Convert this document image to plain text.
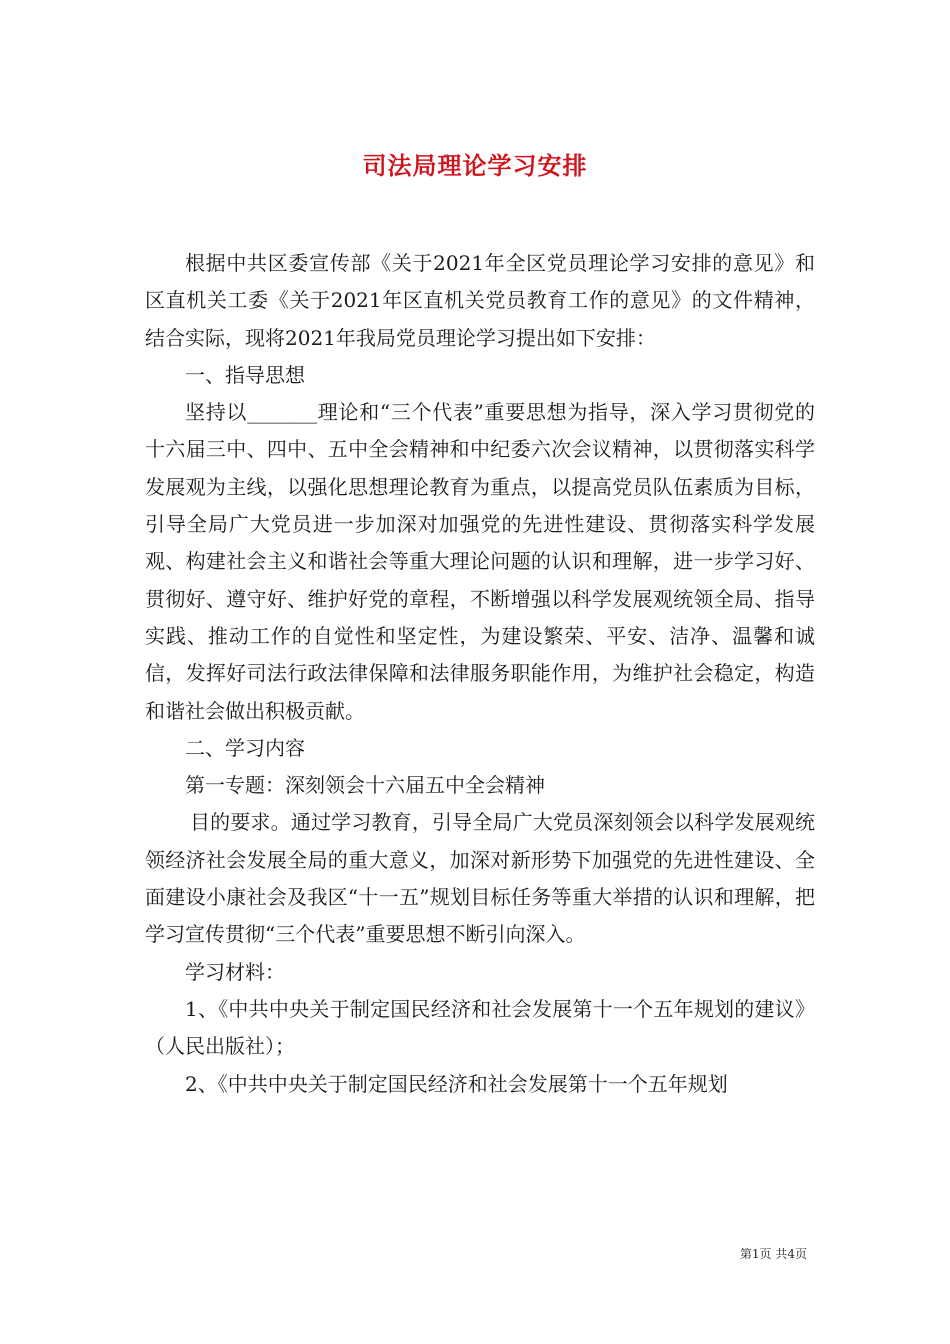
司法局理论学习安排

根据中共区委宣传部《关于2021年全区党员理论学习安排的意见》和区直机关工委《关于2021年区直机关党员教育工作的意见》的文件精神，结合实际，现将2021年我局党员理论学习提出如下安排：

一、指导思想

坚持以_______理论和“三个代表”重要思想为指导，深入学习贯彻党的十六届三中、四中、五中全会精神和中纪委六次会议精神，以贯彻落实科学发展观为主线，以强化思想理论教育为重点，以提高党员队伍素质为目标，引导全局广大党员进一步加深对加强党的先进性建设、贯彻落实科学发展观、构建社会主义和谐社会等重大理论问题的认识和理解，进一步学习好、贯彻好、遵守好、维护好党的章程，不断增强以科学发展观统领全局、指导实践、推动工作的自觉性和坚定性，为建设繁荣、平安、洁净、温馨和诚信，发挥好司法行政法律保障和法律服务职能作用，为维护社会稳定，构造和谐社会做出积极贡献。

二、学习内容

第一专题：深刻领会十六届五中全会精神

目的要求。通过学习教育，引导全局广大党员深刻领会以科学发展观统领经济社会发展全局的重大意义，加深对新形势下加强党的先进性建设、全面建设小康社会及我区“十一五”规划目标任务等重大举措的认识和理解，把学习宣传贯彻“三个代表”重要思想不断引向深入。

学习材料：

1、《中共中央关于制定国民经济和社会发展第十一个五年规划的建议》（人民出版社）；

2、《中共中央关于制定国民经济和社会发展第十一个五年规划

第1页 共4页
